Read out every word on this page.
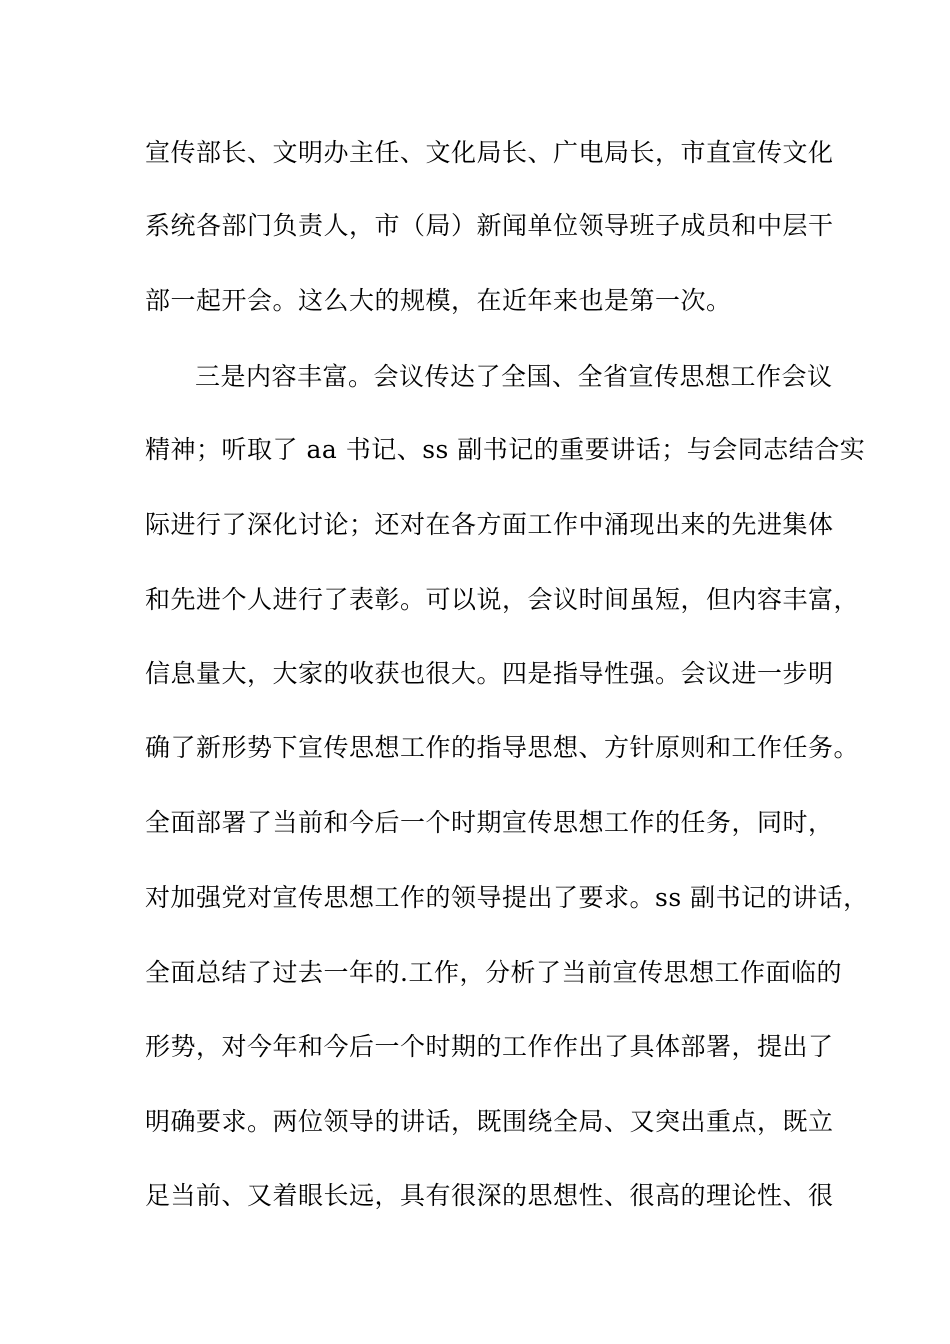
宣传部长、文明办主任、文化局长、广电局长，市直宣传文化
系统各部门负责人，市（局）新闻单位领导班子成员和中层干
部一起开会。这么大的规模，在近年来也是第一次。
三是内容丰富。会议传达了全国、全省宣传思想工作会议
精神；听取了 aa 书记、ss 副书记的重要讲话；与会同志结合实
际进行了深化讨论；还对在各方面工作中涌现出来的先进集体
和先进个人进行了表彰。可以说，会议时间虽短，但内容丰富，
信息量大，大家的收获也很大。四是指导性强。会议进一步明
确了新形势下宣传思想工作的指导思想、方针原则和工作任务。
全面部署了当前和今后一个时期宣传思想工作的任务，同时，
对加强党对宣传思想工作的领导提出了要求。ss 副书记的讲话，
全面总结了过去一年的.工作，分析了当前宣传思想工作面临的
形势，对今年和今后一个时期的工作作出了具体部署，提出了
明确要求。两位领导的讲话，既围绕全局、又突出重点，既立
足当前、又着眼长远，具有很深的思想性、很高的理论性、很
